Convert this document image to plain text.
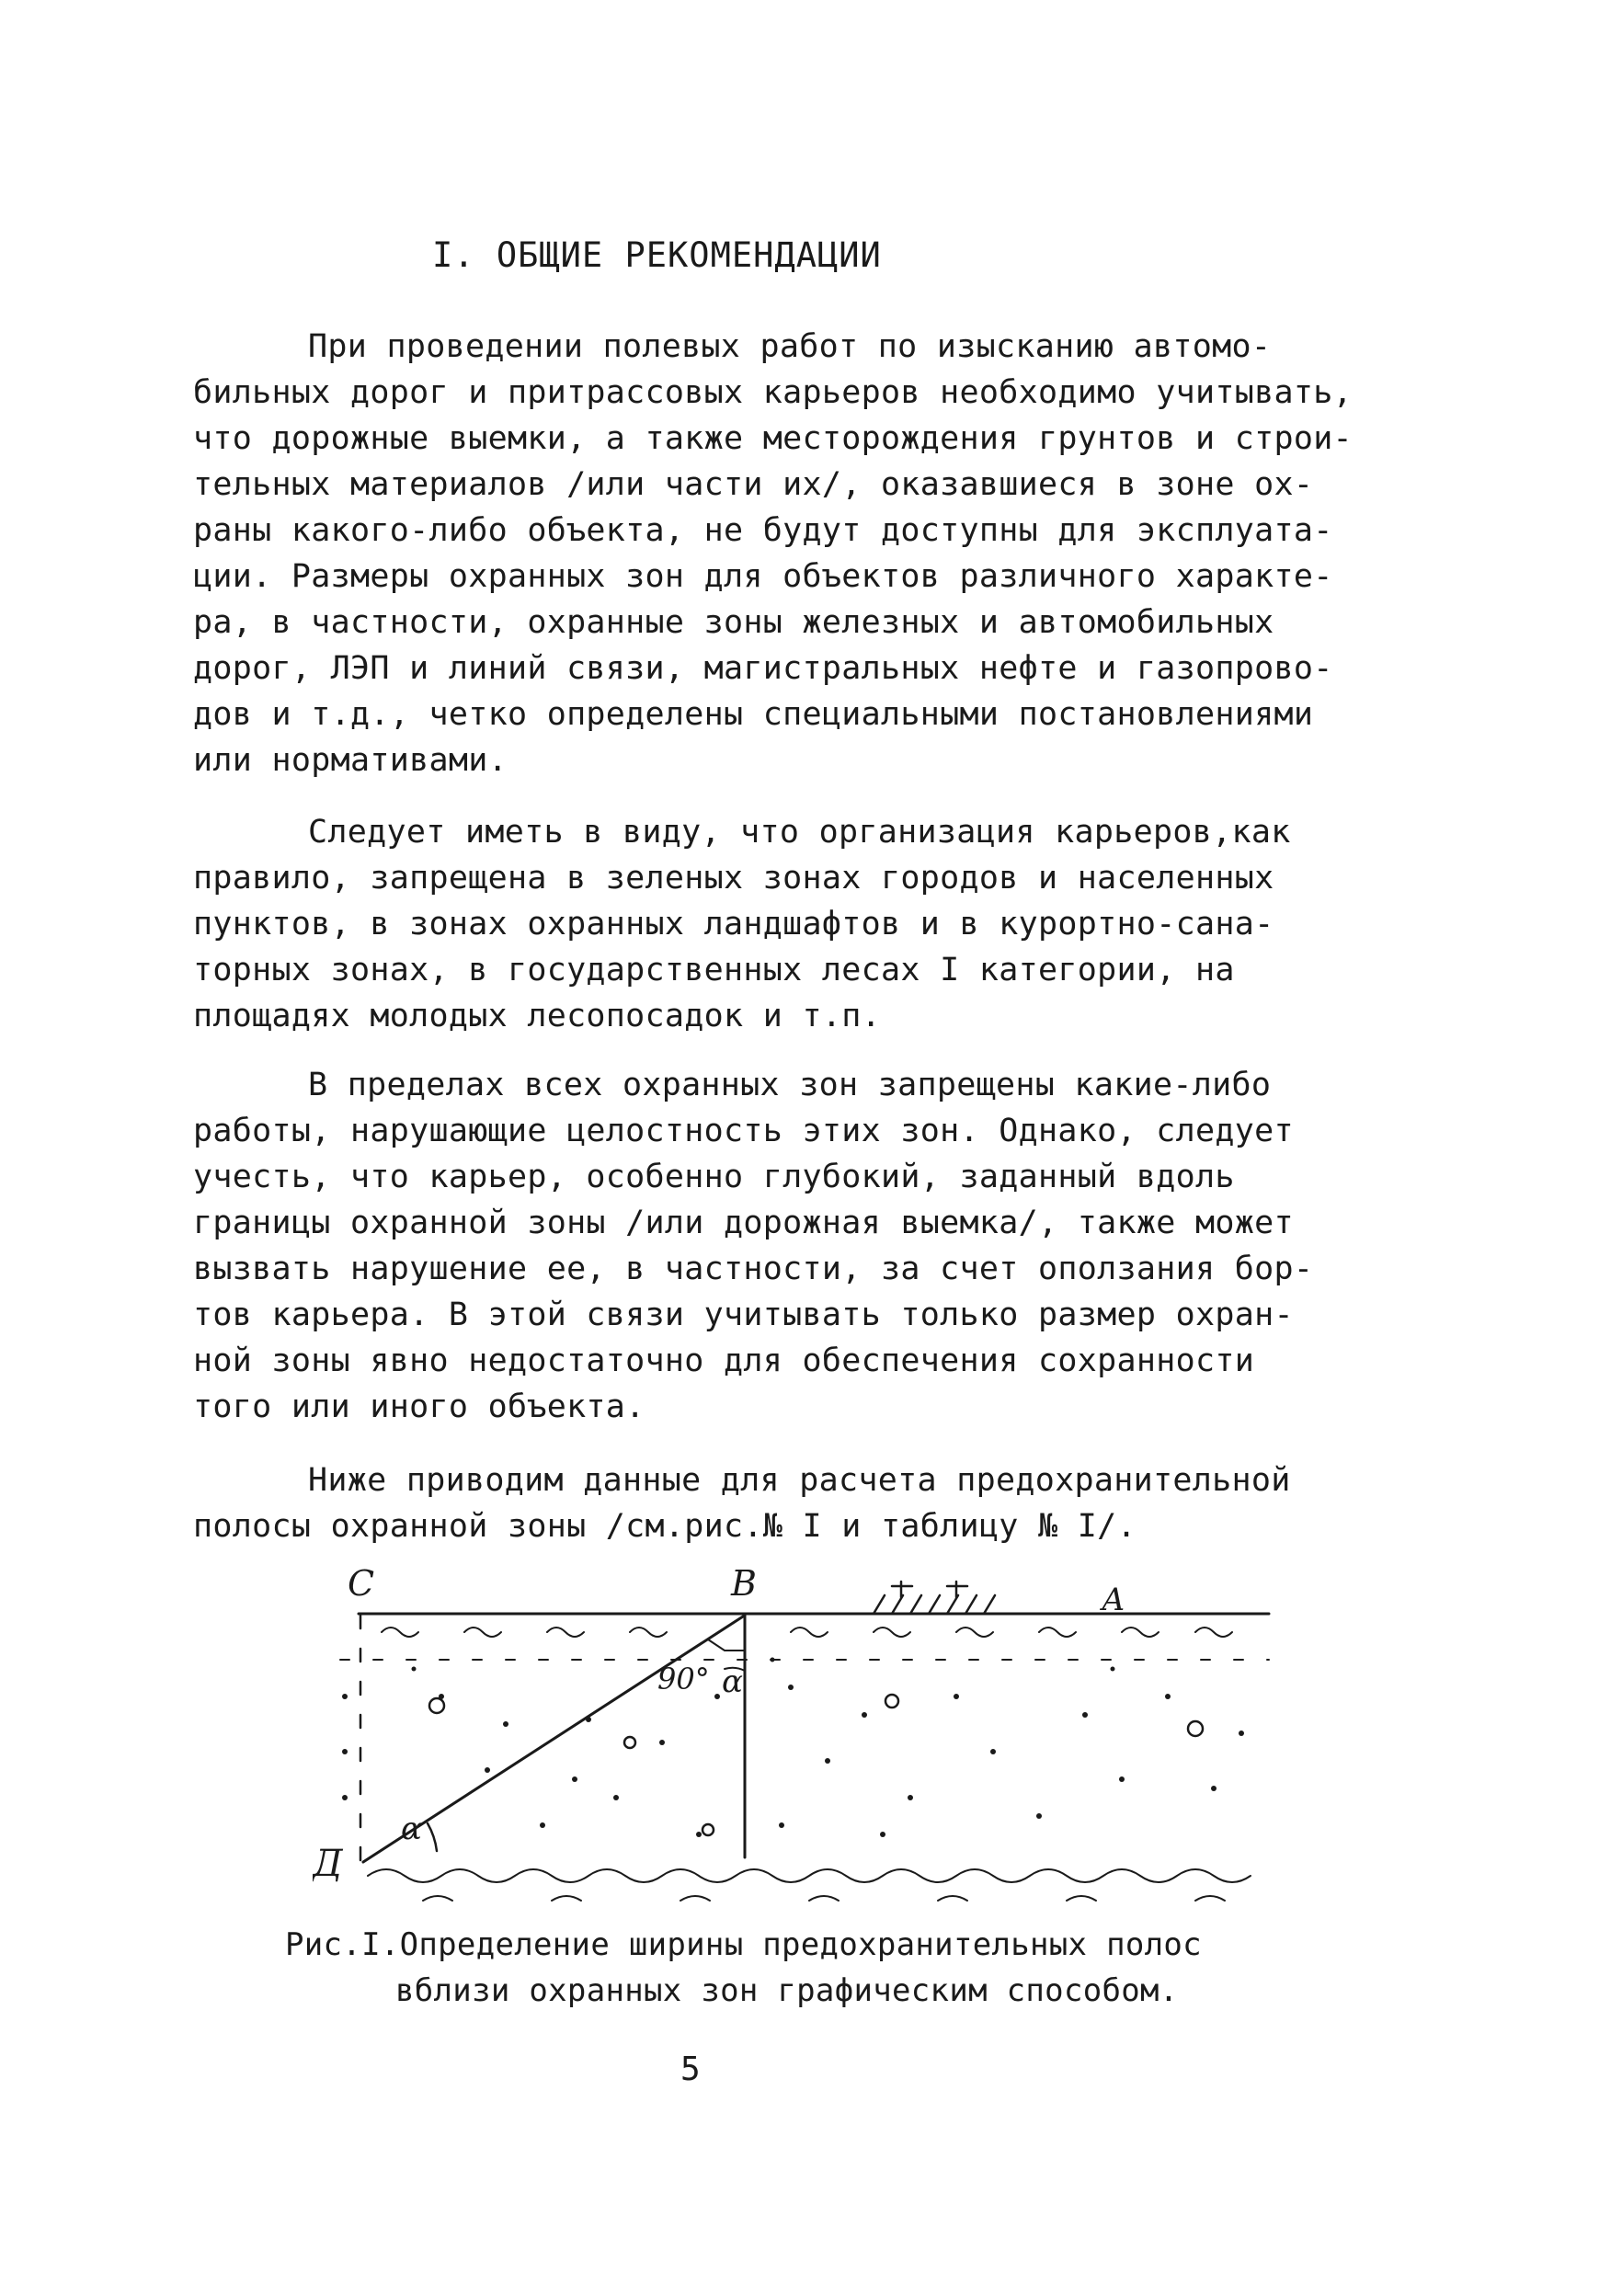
I. ОБЩИЕ РЕКОМЕНДАЦИИ
При проведении полевых работ по изысканию автомо-
бильных дорог и притрассовых карьеров необходимо учитывать,
что дорожные выемки, а также месторождения грунтов и строи-
тельных материалов /или части их/, оказавшиеся в зоне ох-
раны какого-либо объекта, не будут доступны для эксплуата-
ции. Размеры охранных зон для объектов различного характе-
ра, в частности, охранные зоны железных и автомобильных
дорог, ЛЭП и линий связи, магистральных нефте и газопрово-
дов и т.д., четко определены специальными постановлениями
или нормативами.
Следует иметь в виду, что организация карьеров,как
правило, запрещена в зеленых зонах городов и населенных
пунктов, в зонах охранных ландшафтов и в курортно-сана-
торных зонах, в государственных лесах I категории, на
площадях молодых лесопосадок и т.п.
В пределах всех охранных зон запрещены какие-либо
работы, нарушающие целостность этих зон. Однако, следует
учесть, что карьер, особенно глубокий, заданный вдоль
границы охранной зоны /или дорожная выемка/, также может
вызвать нарушение ее, в частности, за счет оползания бор-
тов карьера. В этой связи учитывать только размер охран-
ной зоны явно недостаточно для обеспечения сохранности
того или иного объекта.
Ниже приводим данные для расчета предохранительной
полосы охранной зоны /см.рис.№ I и таблицу № I/.
С	В	А
Д
90° α
α
Рис.I.Определение ширины предохранительных полос
вблизи охранных зон графическим способом.
5
